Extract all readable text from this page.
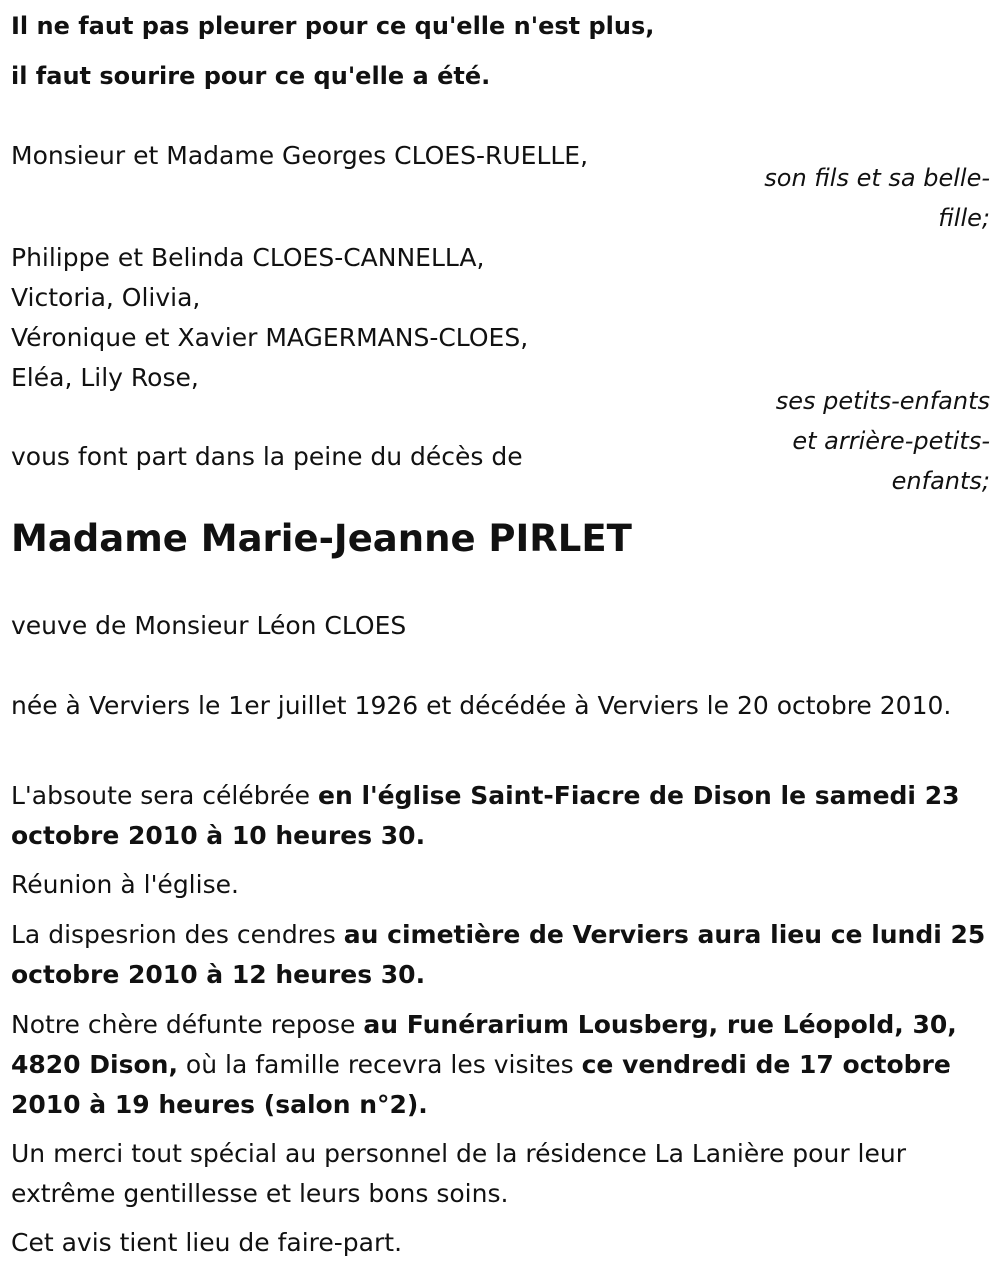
Il ne faut pas pleurer pour ce qu'elle n'est plus,
il faut sourire pour ce qu'elle a été.
Monsieur et Madame Georges CLOES-RUELLE,
son fils et sa belle-
fille;
Philippe et Belinda CLOES-CANNELLA,
Victoria, Olivia,
Véronique et Xavier MAGERMANS-CLOES,
Eléa, Lily Rose,
ses petits-enfants
et arrière-petits-
enfants;
vous font part dans la peine du décès de
Madame Marie-Jeanne PIRLET
veuve de Monsieur Léon CLOES
née à Verviers le 1er juillet 1926 et décédée à Verviers le 20 octobre 2010.
L'absoute sera célébrée en l'église Saint-Fiacre de Dison le samedi 23 octobre 2010 à 10 heures 30.
Réunion à l'église.
La dispesrion des cendres au cimetière de Verviers aura lieu ce lundi 25 octobre 2010 à 12 heures 30.
Notre chère défunte repose au Funérarium Lousberg, rue Léopold, 30, 4820 Dison, où la famille recevra les visites ce vendredi de 17 octobre 2010 à 19 heures (salon n°2).
Un merci tout spécial au personnel de la résidence La Lanière pour leur extrême gentillesse et leurs bons soins.
Cet avis tient lieu de faire-part.
